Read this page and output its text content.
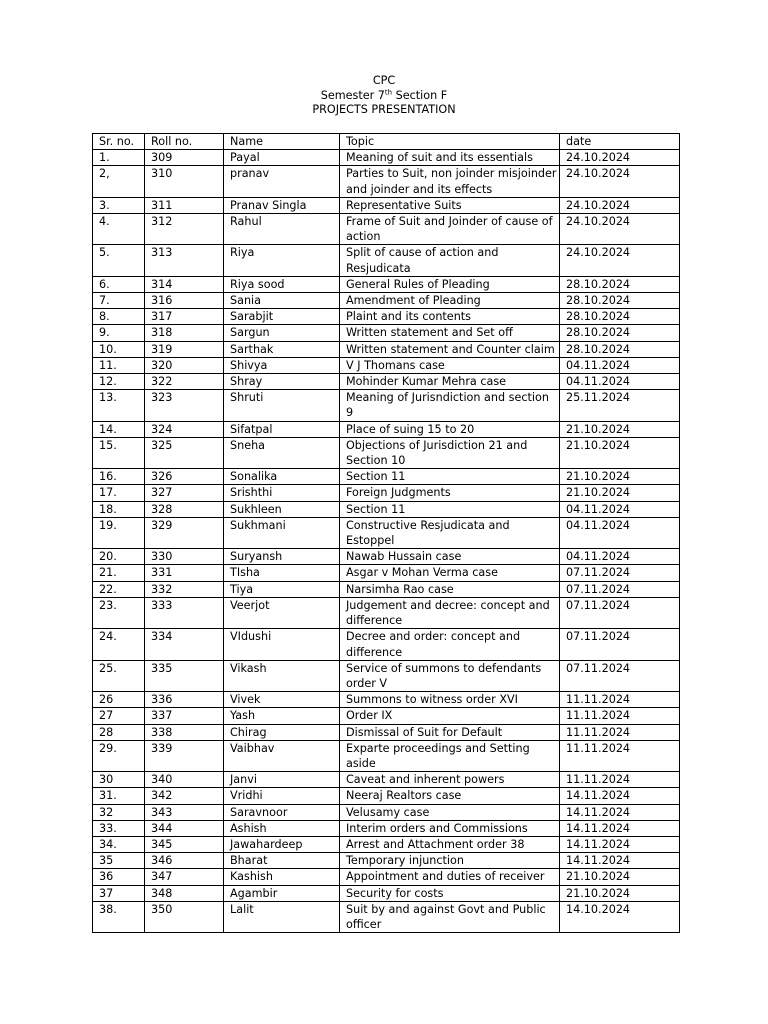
CPC
Semester 7th Section F
PROJECTS PRESENTATION
Sr. no.	Roll no.	Name	Topic	date
1.	309	Payal	Meaning of suit and its essentials	24.10.2024
2,	310	pranav	Parties to Suit, non joinder misjoinder and joinder and its effects	24.10.2024
3.	311	Pranav Singla	Representative Suits	24.10.2024
4.	312	Rahul	Frame of Suit and Joinder of cause of action	24.10.2024
5.	313	Riya	Split of cause of action and Resjudicata	24.10.2024
6.	314	Riya sood	General Rules of Pleading	28.10.2024
7.	316	Sania	Amendment of Pleading	28.10.2024
8.	317	Sarabjit	Plaint and its contents	28.10.2024
9.	318	Sargun	Written statement and Set off	28.10.2024
10.	319	Sarthak	Written statement and Counter claim	28.10.2024
11.	320	Shivya	V J Thomans case	04.11.2024
12.	322	Shray	Mohinder Kumar Mehra case	04.11.2024
13.	323	Shruti	Meaning of Jurisndiction and section 9	25.11.2024
14.	324	Sifatpal	Place of suing 15 to 20	21.10.2024
15.	325	Sneha	Objections of Jurisdiction 21 and Section 10	21.10.2024
16.	326	Sonalika	Section 11	21.10.2024
17.	327	Srishthi	Foreign Judgments	21.10.2024
18.	328	Sukhleen	Section 11	04.11.2024
19.	329	Sukhmani	Constructive Resjudicata and Estoppel	04.11.2024
20.	330	Suryansh	Nawab Hussain case	04.11.2024
21.	331	TIsha	Asgar v Mohan Verma case	07.11.2024
22.	332	Tiya	Narsimha Rao case	07.11.2024
23.	333	Veerjot	Judgement and decree: concept and difference	07.11.2024
24.	334	VIdushi	Decree and order: concept and difference	07.11.2024
25.	335	Vikash	Service of summons to defendants order V	07.11.2024
26	336	Vivek	Summons to witness order XVI	11.11.2024
27	337	Yash	Order IX	11.11.2024
28	338	Chirag	Dismissal of Suit for Default	11.11.2024
29.	339	Vaibhav	Exparte proceedings and Setting aside	11.11.2024
30	340	Janvi	Caveat and inherent powers	11.11.2024
31.	342	Vridhi	Neeraj Realtors case	14.11.2024
32	343	Saravnoor	Velusamy case	14.11.2024
33.	344	Ashish	Interim orders and Commissions	14.11.2024
34.	345	Jawahardeep	Arrest and Attachment order 38	14.11.2024
35	346	Bharat	Temporary injunction	14.11.2024
36	347	Kashish	Appointment and duties of receiver	21.10.2024
37	348	Agambir	Security for costs	21.10.2024
38.	350	Lalit	Suit by and against Govt and Public officer	14.10.2024
